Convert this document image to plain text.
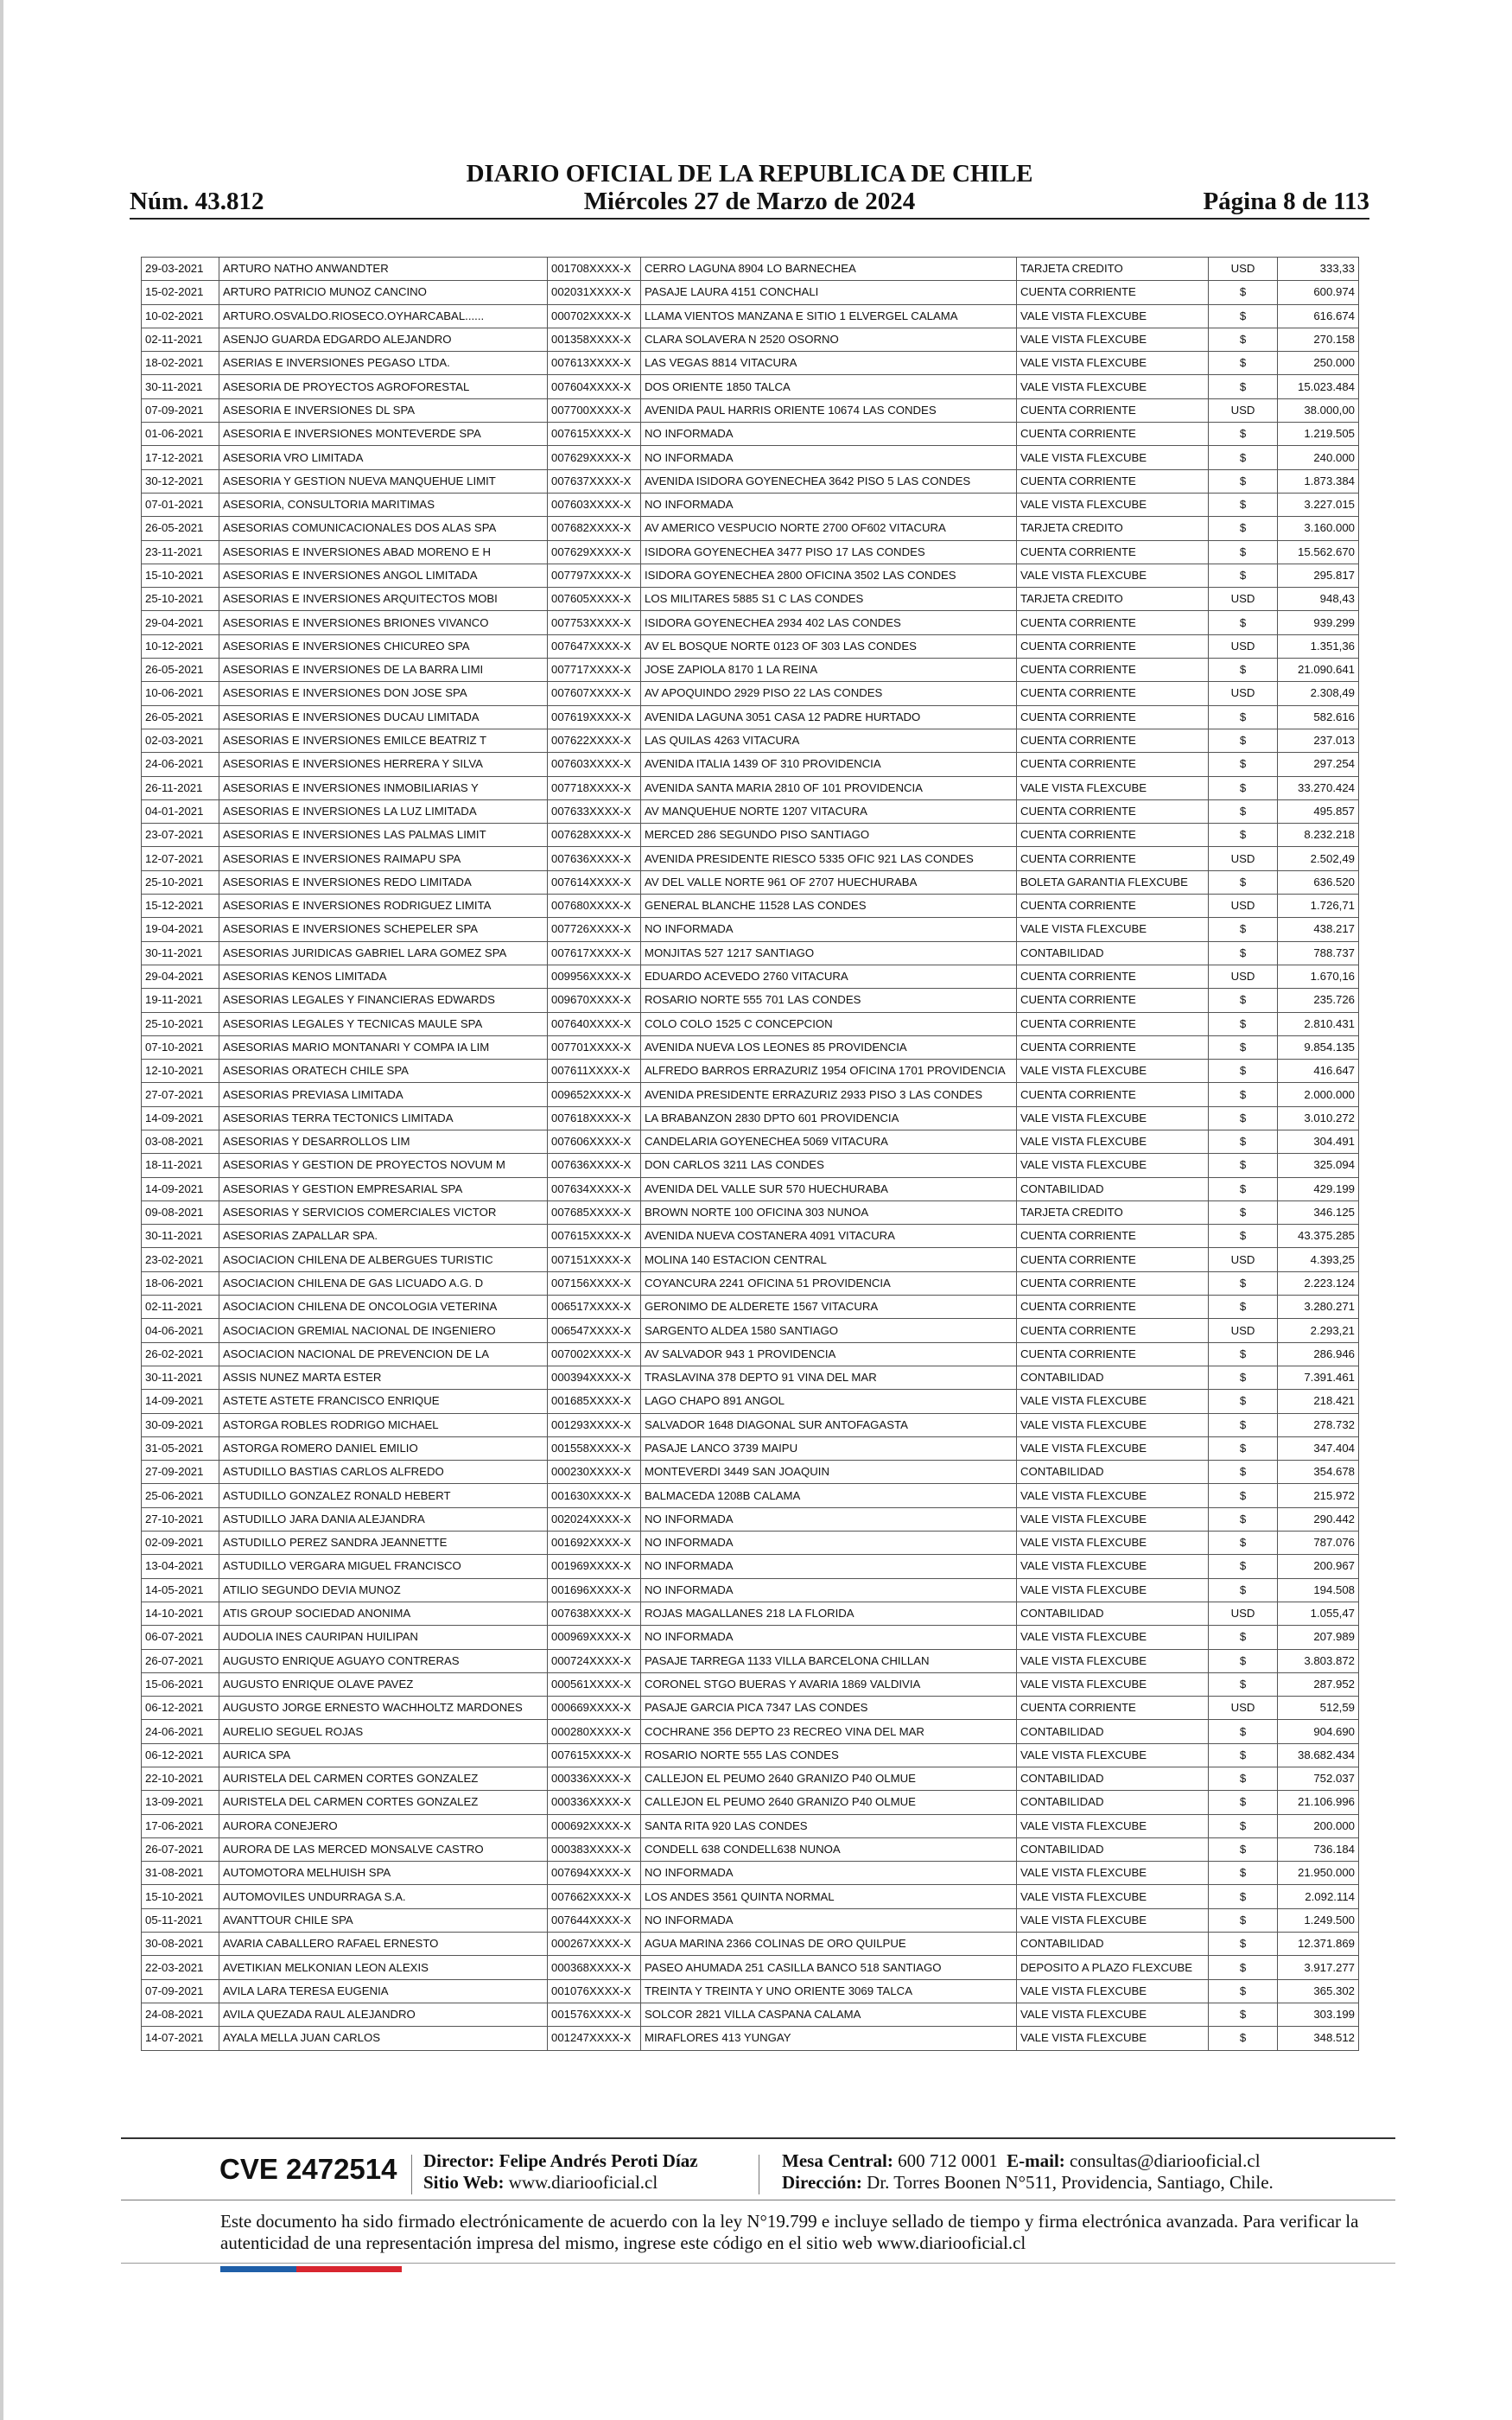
DIARIO OFICIAL DE LA REPUBLICA DE CHILE
Núm. 43.812	Miércoles 27 de Marzo de 2024	Página 8 de 113
29-03-2021	ARTURO NATHO ANWANDTER	001708XXXX-X	CERRO LAGUNA 8904 LO BARNECHEA	TARJETA CREDITO	USD	333,33
15-02-2021	ARTURO PATRICIO MUNOZ CANCINO	002031XXXX-X	PASAJE LAURA 4151 CONCHALI	CUENTA CORRIENTE	$	600.974
10-02-2021	ARTURO.OSVALDO.RIOSECO.OYHARCABAL......	000702XXXX-X	LLAMA VIENTOS MANZANA E SITIO 1 ELVERGEL CALAMA	VALE VISTA FLEXCUBE	$	616.674
02-11-2021	ASENJO GUARDA EDGARDO ALEJANDRO	001358XXXX-X	CLARA SOLAVERA N 2520 OSORNO	VALE VISTA FLEXCUBE	$	270.158
18-02-2021	ASERIAS E INVERSIONES PEGASO LTDA.	007613XXXX-X	LAS VEGAS 8814 VITACURA	VALE VISTA FLEXCUBE	$	250.000
30-11-2021	ASESORIA DE PROYECTOS AGROFORESTAL	007604XXXX-X	DOS ORIENTE 1850 TALCA	VALE VISTA FLEXCUBE	$	15.023.484
07-09-2021	ASESORIA E INVERSIONES DL SPA	007700XXXX-X	AVENIDA PAUL HARRIS ORIENTE 10674 LAS CONDES	CUENTA CORRIENTE	USD	38.000,00
01-06-2021	ASESORIA E INVERSIONES MONTEVERDE SPA	007615XXXX-X	NO INFORMADA	CUENTA CORRIENTE	$	1.219.505
17-12-2021	ASESORIA VRO LIMITADA	007629XXXX-X	NO INFORMADA	VALE VISTA FLEXCUBE	$	240.000
30-12-2021	ASESORIA Y GESTION NUEVA MANQUEHUE LIMIT	007637XXXX-X	AVENIDA ISIDORA GOYENECHEA 3642 PISO 5 LAS CONDES	CUENTA CORRIENTE	$	1.873.384
07-01-2021	ASESORIA, CONSULTORIA MARITIMAS	007603XXXX-X	NO INFORMADA	VALE VISTA FLEXCUBE	$	3.227.015
26-05-2021	ASESORIAS COMUNICACIONALES DOS ALAS SPA	007682XXXX-X	AV AMERICO VESPUCIO NORTE 2700 OF602 VITACURA	TARJETA CREDITO	$	3.160.000
23-11-2021	ASESORIAS E INVERSIONES ABAD MORENO E H	007629XXXX-X	ISIDORA GOYENECHEA 3477 PISO 17 LAS CONDES	CUENTA CORRIENTE	$	15.562.670
15-10-2021	ASESORIAS E INVERSIONES ANGOL LIMITADA	007797XXXX-X	ISIDORA GOYENECHEA 2800 OFICINA 3502 LAS CONDES	VALE VISTA FLEXCUBE	$	295.817
25-10-2021	ASESORIAS E INVERSIONES ARQUITECTOS MOBI	007605XXXX-X	LOS MILITARES 5885 S1 C LAS CONDES	TARJETA CREDITO	USD	948,43
29-04-2021	ASESORIAS E INVERSIONES BRIONES VIVANCO	007753XXXX-X	ISIDORA GOYENECHEA 2934 402 LAS CONDES	CUENTA CORRIENTE	$	939.299
10-12-2021	ASESORIAS E INVERSIONES CHICUREO SPA	007647XXXX-X	AV EL BOSQUE NORTE 0123 OF 303 LAS CONDES	CUENTA CORRIENTE	USD	1.351,36
26-05-2021	ASESORIAS E INVERSIONES DE LA BARRA LIMI	007717XXXX-X	JOSE ZAPIOLA 8170 1 LA REINA	CUENTA CORRIENTE	$	21.090.641
10-06-2021	ASESORIAS E INVERSIONES DON JOSE SPA	007607XXXX-X	AV APOQUINDO 2929 PISO 22 LAS CONDES	CUENTA CORRIENTE	USD	2.308,49
26-05-2021	ASESORIAS E INVERSIONES DUCAU LIMITADA	007619XXXX-X	AVENIDA LAGUNA 3051 CASA 12 PADRE HURTADO	CUENTA CORRIENTE	$	582.616
02-03-2021	ASESORIAS E INVERSIONES EMILCE BEATRIZ T	007622XXXX-X	LAS QUILAS 4263 VITACURA	CUENTA CORRIENTE	$	237.013
24-06-2021	ASESORIAS E INVERSIONES HERRERA Y SILVA	007603XXXX-X	AVENIDA ITALIA 1439 OF 310 PROVIDENCIA	CUENTA CORRIENTE	$	297.254
26-11-2021	ASESORIAS E INVERSIONES INMOBILIARIAS Y	007718XXXX-X	AVENIDA SANTA MARIA 2810 OF 101 PROVIDENCIA	VALE VISTA FLEXCUBE	$	33.270.424
04-01-2021	ASESORIAS E INVERSIONES LA LUZ LIMITADA	007633XXXX-X	AV MANQUEHUE NORTE 1207 VITACURA	CUENTA CORRIENTE	$	495.857
23-07-2021	ASESORIAS E INVERSIONES LAS PALMAS LIMIT	007628XXXX-X	MERCED 286 SEGUNDO PISO SANTIAGO	CUENTA CORRIENTE	$	8.232.218
12-07-2021	ASESORIAS E INVERSIONES RAIMAPU SPA	007636XXXX-X	AVENIDA PRESIDENTE RIESCO 5335 OFIC 921 LAS CONDES	CUENTA CORRIENTE	USD	2.502,49
25-10-2021	ASESORIAS E INVERSIONES REDO LIMITADA	007614XXXX-X	AV DEL VALLE NORTE 961 OF 2707 HUECHURABA	BOLETA GARANTIA FLEXCUBE	$	636.520
15-12-2021	ASESORIAS E INVERSIONES RODRIGUEZ LIMITA	007680XXXX-X	GENERAL BLANCHE 11528 LAS CONDES	CUENTA CORRIENTE	USD	1.726,71
19-04-2021	ASESORIAS E INVERSIONES SCHEPELER SPA	007726XXXX-X	NO INFORMADA	VALE VISTA FLEXCUBE	$	438.217
30-11-2021	ASESORIAS JURIDICAS GABRIEL LARA GOMEZ SPA	007617XXXX-X	MONJITAS 527 1217 SANTIAGO	CONTABILIDAD	$	788.737
29-04-2021	ASESORIAS KENOS LIMITADA	009956XXXX-X	EDUARDO ACEVEDO 2760 VITACURA	CUENTA CORRIENTE	USD	1.670,16
19-11-2021	ASESORIAS LEGALES Y FINANCIERAS EDWARDS	009670XXXX-X	ROSARIO NORTE 555 701 LAS CONDES	CUENTA CORRIENTE	$	235.726
25-10-2021	ASESORIAS LEGALES Y TECNICAS MAULE SPA	007640XXXX-X	COLO COLO 1525 C CONCEPCION	CUENTA CORRIENTE	$	2.810.431
07-10-2021	ASESORIAS MARIO MONTANARI Y COMPA IA LIM	007701XXXX-X	AVENIDA NUEVA LOS LEONES 85 PROVIDENCIA	CUENTA CORRIENTE	$	9.854.135
12-10-2021	ASESORIAS ORATECH CHILE SPA	007611XXXX-X	ALFREDO BARROS ERRAZURIZ 1954 OFICINA 1701 PROVIDENCIA	VALE VISTA FLEXCUBE	$	416.647
27-07-2021	ASESORIAS PREVIASA LIMITADA	009652XXXX-X	AVENIDA PRESIDENTE ERRAZURIZ 2933 PISO 3 LAS CONDES	CUENTA CORRIENTE	$	2.000.000
14-09-2021	ASESORIAS TERRA TECTONICS LIMITADA	007618XXXX-X	LA BRABANZON 2830 DPTO 601 PROVIDENCIA	VALE VISTA FLEXCUBE	$	3.010.272
03-08-2021	ASESORIAS Y DESARROLLOS LIM	007606XXXX-X	CANDELARIA GOYENECHEA 5069 VITACURA	VALE VISTA FLEXCUBE	$	304.491
18-11-2021	ASESORIAS Y GESTION DE PROYECTOS NOVUM M	007636XXXX-X	DON CARLOS 3211 LAS CONDES	VALE VISTA FLEXCUBE	$	325.094
14-09-2021	ASESORIAS Y GESTION EMPRESARIAL SPA	007634XXXX-X	AVENIDA DEL VALLE SUR 570 HUECHURABA	CONTABILIDAD	$	429.199
09-08-2021	ASESORIAS Y SERVICIOS COMERCIALES VICTOR	007685XXXX-X	BROWN NORTE 100 OFICINA 303 NUNOA	TARJETA CREDITO	$	346.125
30-11-2021	ASESORIAS ZAPALLAR SPA.	007615XXXX-X	AVENIDA NUEVA COSTANERA 4091 VITACURA	CUENTA CORRIENTE	$	43.375.285
23-02-2021	ASOCIACION CHILENA DE ALBERGUES TURISTIC	007151XXXX-X	MOLINA 140 ESTACION CENTRAL	CUENTA CORRIENTE	USD	4.393,25
18-06-2021	ASOCIACION CHILENA DE GAS LICUADO A.G. D	007156XXXX-X	COYANCURA 2241 OFICINA 51 PROVIDENCIA	CUENTA CORRIENTE	$	2.223.124
02-11-2021	ASOCIACION CHILENA DE ONCOLOGIA VETERINA	006517XXXX-X	GERONIMO DE ALDERETE 1567 VITACURA	CUENTA CORRIENTE	$	3.280.271
04-06-2021	ASOCIACION GREMIAL NACIONAL DE INGENIERO	006547XXXX-X	SARGENTO ALDEA 1580 SANTIAGO	CUENTA CORRIENTE	USD	2.293,21
26-02-2021	ASOCIACION NACIONAL DE PREVENCION DE LA	007002XXXX-X	AV SALVADOR 943 1 PROVIDENCIA	CUENTA CORRIENTE	$	286.946
30-11-2021	ASSIS NUNEZ MARTA ESTER	000394XXXX-X	TRASLAVINA 378 DEPTO 91 VINA DEL MAR	CONTABILIDAD	$	7.391.461
14-09-2021	ASTETE ASTETE FRANCISCO ENRIQUE	001685XXXX-X	LAGO CHAPO 891 ANGOL	VALE VISTA FLEXCUBE	$	218.421
30-09-2021	ASTORGA ROBLES RODRIGO MICHAEL	001293XXXX-X	SALVADOR 1648 DIAGONAL SUR ANTOFAGASTA	VALE VISTA FLEXCUBE	$	278.732
31-05-2021	ASTORGA ROMERO DANIEL EMILIO	001558XXXX-X	PASAJE LANCO 3739 MAIPU	VALE VISTA FLEXCUBE	$	347.404
27-09-2021	ASTUDILLO BASTIAS CARLOS ALFREDO	000230XXXX-X	MONTEVERDI 3449 SAN JOAQUIN	CONTABILIDAD	$	354.678
25-06-2021	ASTUDILLO GONZALEZ RONALD HEBERT	001630XXXX-X	BALMACEDA 1208B CALAMA	VALE VISTA FLEXCUBE	$	215.972
27-10-2021	ASTUDILLO JARA DANIA ALEJANDRA	002024XXXX-X	NO INFORMADA	VALE VISTA FLEXCUBE	$	290.442
02-09-2021	ASTUDILLO PEREZ SANDRA JEANNETTE	001692XXXX-X	NO INFORMADA	VALE VISTA FLEXCUBE	$	787.076
13-04-2021	ASTUDILLO VERGARA MIGUEL FRANCISCO	001969XXXX-X	NO INFORMADA	VALE VISTA FLEXCUBE	$	200.967
14-05-2021	ATILIO SEGUNDO DEVIA MUNOZ	001696XXXX-X	NO INFORMADA	VALE VISTA FLEXCUBE	$	194.508
14-10-2021	ATIS GROUP SOCIEDAD ANONIMA	007638XXXX-X	ROJAS MAGALLANES 218 LA FLORIDA	CONTABILIDAD	USD	1.055,47
06-07-2021	AUDOLIA INES CAURIPAN HUILIPAN	000969XXXX-X	NO INFORMADA	VALE VISTA FLEXCUBE	$	207.989
26-07-2021	AUGUSTO ENRIQUE AGUAYO CONTRERAS	000724XXXX-X	PASAJE TARREGA 1133 VILLA BARCELONA CHILLAN	VALE VISTA FLEXCUBE	$	3.803.872
15-06-2021	AUGUSTO ENRIQUE OLAVE PAVEZ	000561XXXX-X	CORONEL STGO BUERAS Y AVARIA 1869 VALDIVIA	VALE VISTA FLEXCUBE	$	287.952
06-12-2021	AUGUSTO JORGE ERNESTO WACHHOLTZ MARDONES	000669XXXX-X	PASAJE GARCIA PICA 7347 LAS CONDES	CUENTA CORRIENTE	USD	512,59
24-06-2021	AURELIO SEGUEL ROJAS	000280XXXX-X	COCHRANE 356 DEPTO 23 RECREO VINA DEL MAR	CONTABILIDAD	$	904.690
06-12-2021	AURICA SPA	007615XXXX-X	ROSARIO NORTE 555 LAS CONDES	VALE VISTA FLEXCUBE	$	38.682.434
22-10-2021	AURISTELA DEL CARMEN CORTES GONZALEZ	000336XXXX-X	CALLEJON EL PEUMO 2640 GRANIZO P40 OLMUE	CONTABILIDAD	$	752.037
13-09-2021	AURISTELA DEL CARMEN CORTES GONZALEZ	000336XXXX-X	CALLEJON EL PEUMO 2640 GRANIZO P40 OLMUE	CONTABILIDAD	$	21.106.996
17-06-2021	AURORA CONEJERO	000692XXXX-X	SANTA RITA 920 LAS CONDES	VALE VISTA FLEXCUBE	$	200.000
26-07-2021	AURORA DE LAS MERCED MONSALVE CASTRO	000383XXXX-X	CONDELL 638 CONDELL638 NUNOA	CONTABILIDAD	$	736.184
31-08-2021	AUTOMOTORA MELHUISH SPA	007694XXXX-X	NO INFORMADA	VALE VISTA FLEXCUBE	$	21.950.000
15-10-2021	AUTOMOVILES UNDURRAGA S.A.	007662XXXX-X	LOS ANDES 3561 QUINTA NORMAL	VALE VISTA FLEXCUBE	$	2.092.114
05-11-2021	AVANTTOUR CHILE SPA	007644XXXX-X	NO INFORMADA	VALE VISTA FLEXCUBE	$	1.249.500
30-08-2021	AVARIA CABALLERO RAFAEL ERNESTO	000267XXXX-X	AGUA MARINA 2366 COLINAS DE ORO QUILPUE	CONTABILIDAD	$	12.371.869
22-03-2021	AVETIKIAN MELKONIAN LEON ALEXIS	000368XXXX-X	PASEO AHUMADA 251 CASILLA BANCO 518 SANTIAGO	DEPOSITO A PLAZO FLEXCUBE	$	3.917.277
07-09-2021	AVILA LARA TERESA EUGENIA	001076XXXX-X	TREINTA Y TREINTA Y UNO ORIENTE 3069 TALCA	VALE VISTA FLEXCUBE	$	365.302
24-08-2021	AVILA QUEZADA RAUL ALEJANDRO	001576XXXX-X	SOLCOR 2821 VILLA CASPANA CALAMA	VALE VISTA FLEXCUBE	$	303.199
14-07-2021	AYALA MELLA JUAN CARLOS	001247XXXX-X	MIRAFLORES 413 YUNGAY	VALE VISTA FLEXCUBE	$	348.512
CVE 2472514 Director: Felipe Andrés Peroti Díaz
Sitio Web: www.diariooficial.cl
Mesa Central: 600 712 0001 E-mail: consultas@diariooficial.cl
Dirección: Dr. Torres Boonen N°511, Providencia, Santiago, Chile.
Este documento ha sido firmado electrónicamente de acuerdo con la ley N°19.799 e incluye sellado de tiempo y firma electrónica avanzada. Para verificar la autenticidad de una representación impresa del mismo, ingrese este código en el sitio web www.diariooficial.cl
